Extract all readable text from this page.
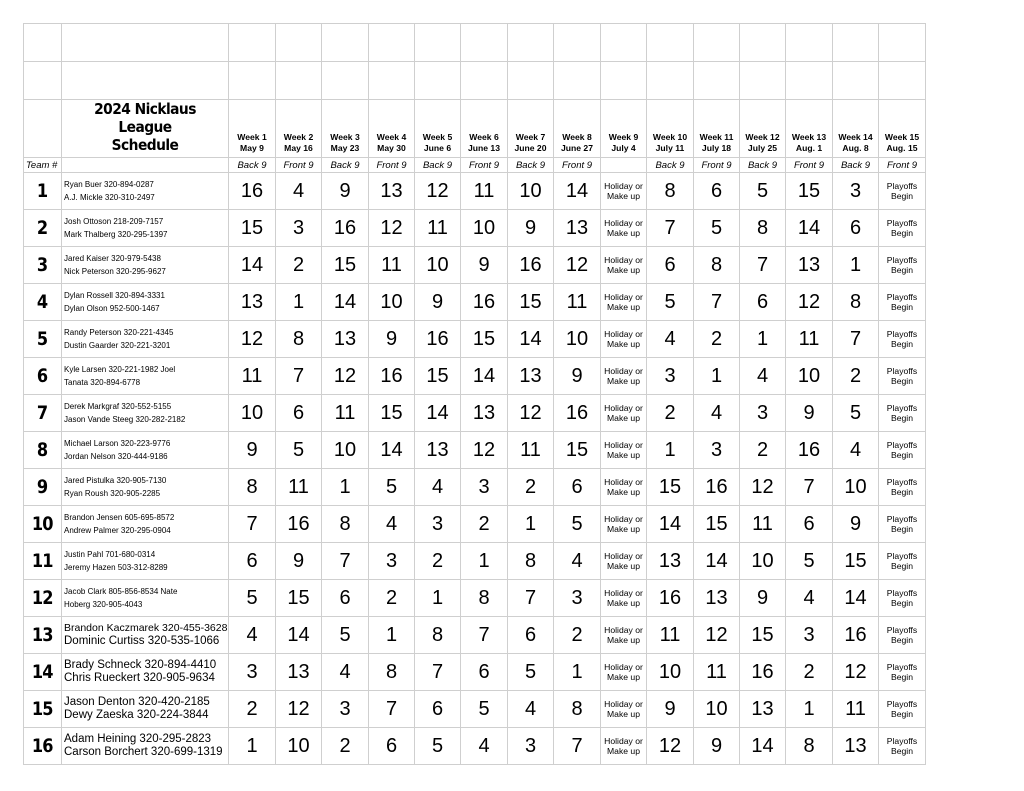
	2024 Nicklaus League
Schedule	Week 1
May 9	Week 2
May 16	Week 3
May 23	Week 4
May 30	Week 5
June 6	Week 6
June 13	Week 7
June 20	Week 8
June 27	Week 9
July 4	Week 10
July 11	Week 11
July 18	Week 12
July 25	Week 13
Aug. 1	Week 14
Aug. 8	Week 15
Aug. 15

Team #		Back 9	Front 9	Back 9	Front 9	Back 9	Front 9	Back 9	Front 9		Back 9	Front 9	Back 9	Front 9	Back 9	Front 9
1	Ryan Buer 320-894-0287
A.J. Mickle 320-310-2497	16	4	9	13	12	11	10	14	Holiday or
Make up	8	6	5	15	3	Playoffs
Begin

2	Josh Ottoson 218-209-7157
Mark Thalberg 320-295-1397	15	3	16	12	11	10	9	13	Holiday or
Make up	7	5	8	14	6	Playoffs
Begin

3	Jared Kaiser 320-979-5438
Nick Peterson 320-295-9627	14	2	15	11	10	9	16	12	Holiday or
Make up	6	8	7	13	1	Playoffs
Begin

4	Dylan Rossell 320-894-3331
Dylan Olson 952-500-1467	13	1	14	10	9	16	15	11	Holiday or
Make up	5	7	6	12	8	Playoffs
Begin

5	Randy Peterson 320-221-4345
Dustin Gaarder 320-221-3201	12	8	13	9	16	15	14	10	Holiday or
Make up	4	2	1	11	7	Playoffs
Begin

6	Kyle Larsen 320-221-1982 Joel
Tanata 320-894-6778	11	7	12	16	15	14	13	9	Holiday or
Make up	3	1	4	10	2	Playoffs
Begin

7	Derek Markgraf 320-552-5155
Jason Vande Steeg 320-282-2182	10	6	11	15	14	13	12	16	Holiday or
Make up	2	4	3	9	5	Playoffs
Begin

8	Michael Larson 320-223-9776
Jordan Nelson 320-444-9186	9	5	10	14	13	12	11	15	Holiday or
Make up	1	3	2	16	4	Playoffs
Begin

9	Jared Pistulka 320-905-7130
Ryan Roush 320-905-2285	8	11	1	5	4	3	2	6	Holiday or
Make up	15	16	12	7	10	Playoffs
Begin

10	Brandon Jensen 605-695-8572
Andrew Palmer 320-295-0904	7	16	8	4	3	2	1	5	Holiday or
Make up	14	15	11	6	9	Playoffs
Begin

11	Justin Pahl 701-680-0314
Jeremy Hazen 503-312-8289	6	9	7	3	2	1	8	4	Holiday or
Make up	13	14	10	5	15	Playoffs
Begin

12	Jacob Clark 805-856-8534 Nate
Hoberg 320-905-4043	5	15	6	2	1	8	7	3	Holiday or
Make up	16	13	9	4	14	Playoffs
Begin

13	Brandon Kaczmarek 320-455-3628
Dominic Curtiss 320-535-1066	4	14	5	1	8	7	6	2	Holiday or
Make up	11	12	15	3	16	Playoffs
Begin

14	Brady Schneck 320-894-4410
Chris Rueckert 320-905-9634	3	13	4	8	7	6	5	1	Holiday or
Make up	10	11	16	2	12	Playoffs
Begin

15	Jason Denton 320-420-2185
Dewy Zaeska 320-224-3844	2	12	3	7	6	5	4	8	Holiday or
Make up	9	10	13	1	11	Playoffs
Begin

16	Adam Heining 320-295-2823
Carson Borchert 320-699-1319	1	10	2	6	5	4	3	7	Holiday or
Make up	12	9	14	8	13	Playoffs
Begin
